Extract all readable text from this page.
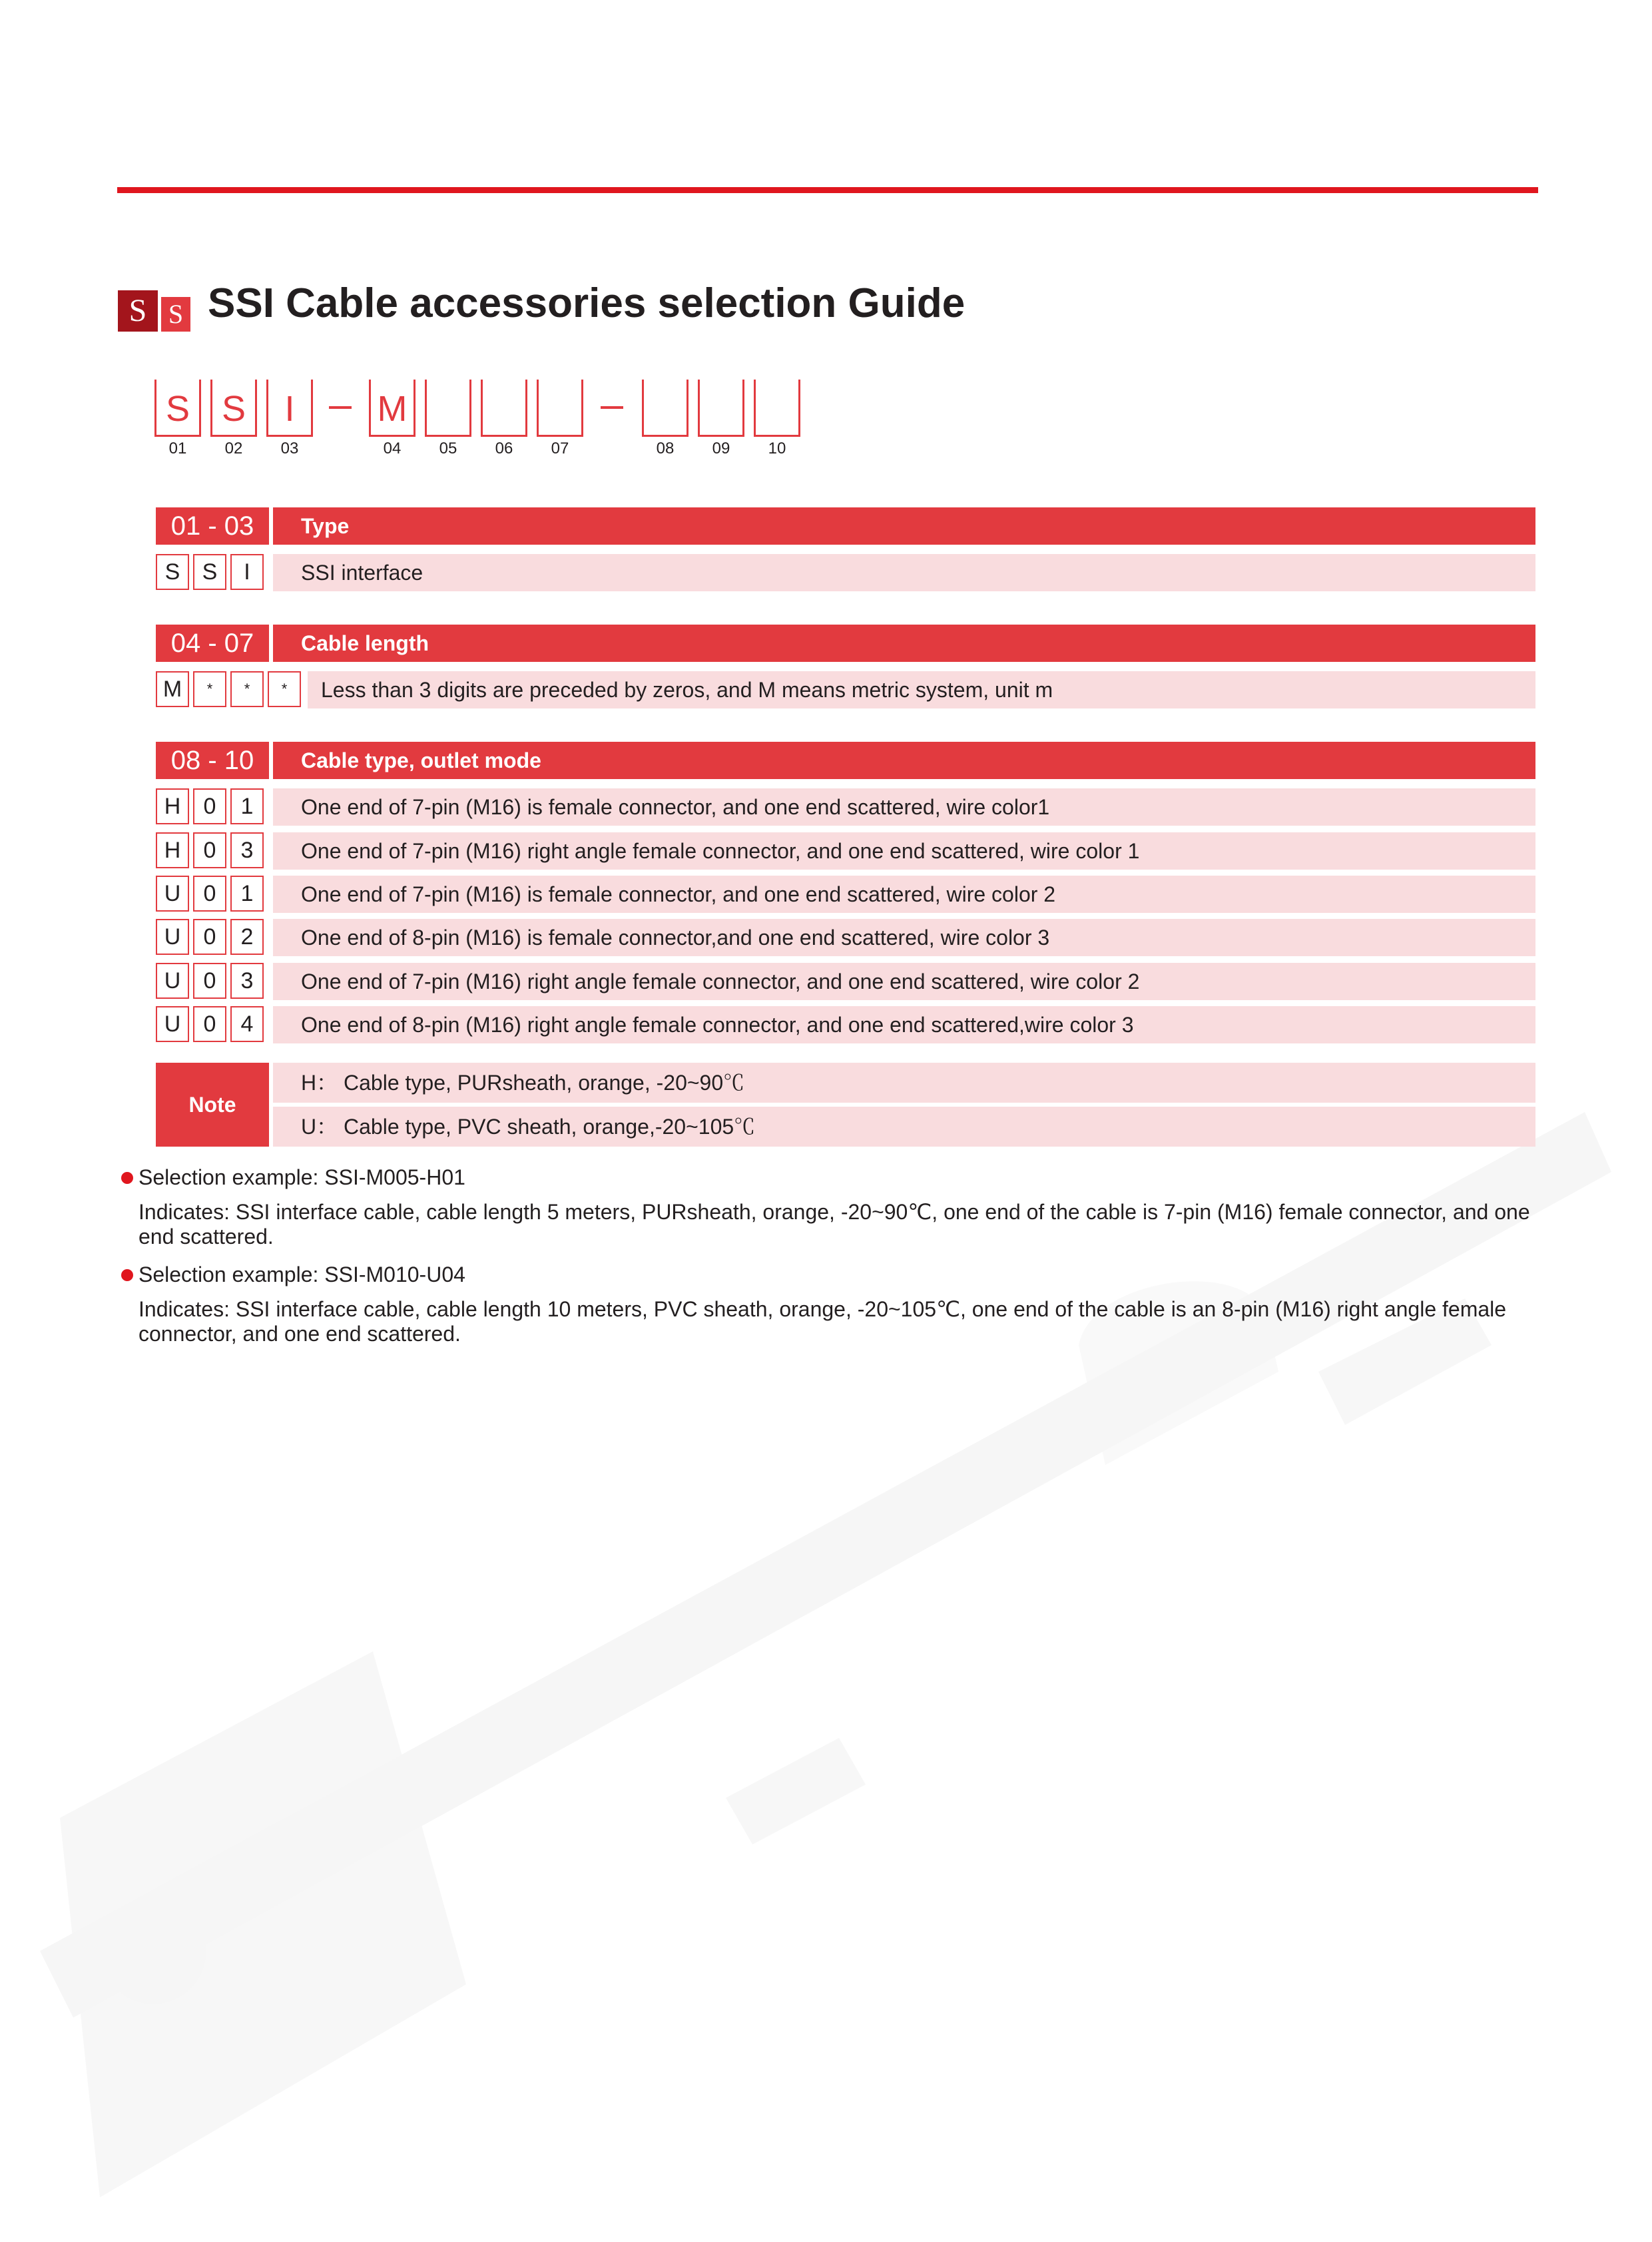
S S SSI Cable accessories selection Guide
S S	I	M
01	02	03	04	05	06	07	08	09	10
01 - 03	Type
S S	I	SSI interface
04 - 07	Cable length
M	*	*	*	Less than 3 digits are preceded by zeros, and M means metric system, unit m
08 - 10	Cable type, outlet mode
H	0	1	One end of 7-pin (M16) is female connector, and one end scattered, wire color1
H	0	3	One end of 7-pin (M16) right angle female connector, and one end scattered, wire color 1
U	0	1	One end of 7-pin (M16) is female connector, and one end scattered, wire color 2
U	0	2	One end of 8-pin (M16) is female connector,and one end scattered, wire color 3
U	0	3	One end of 7-pin (M16) right angle female connector, and one end scattered, wire color 2
U	0	4	One end of 8-pin (M16) right angle female connector, and one end scattered,wire color 3
Note
H： Cable type, PURsheath, orange, -20~90℃
U： Cable type, PVC sheath, orange,-20~105℃
Selection example: SSI-M005-H01
Indicates: SSI interface cable, cable length 5 meters, PURsheath, orange, -20~90℃, one end of the cable is 7-pin (M16) female connector, and one end scattered.
Selection example: SSI-M010-U04
Indicates: SSI interface cable, cable length 10 meters, PVC sheath, orange, -20~105℃, one end of the cable is an 8-pin (M16) right angle female connector, and one end scattered.
